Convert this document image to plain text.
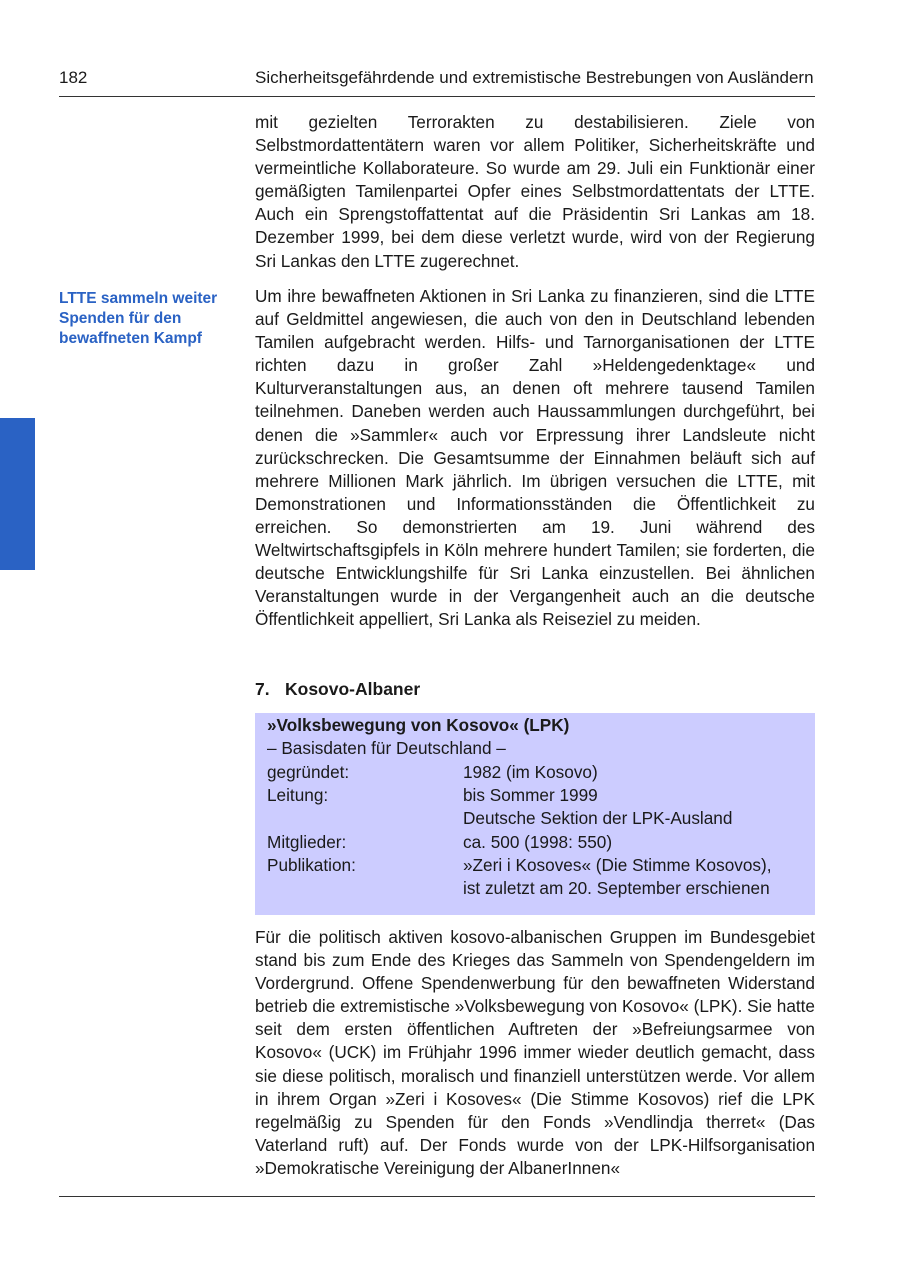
182	Sicherheitsgefährdende und extremistische Bestrebungen von Ausländern
LTTE sammeln weiter Spenden für den bewaffneten Kampf

mit gezielten Terrorakten zu destabilisieren. Ziele von Selbstmordattentätern waren vor allem Politiker, Sicherheitskräfte und vermeintliche Kollaborateure. So wurde am 29. Juli ein Funktionär einer gemäßigten Tamilenpartei Opfer eines Selbstmordattentats der LTTE. Auch ein Sprengstoffattentat auf die Präsidentin Sri Lankas am 18. Dezember 1999, bei dem diese verletzt wurde, wird von der Regierung Sri Lankas den LTTE zugerechnet.

Um ihre bewaffneten Aktionen in Sri Lanka zu finanzieren, sind die LTTE auf Geldmittel angewiesen, die auch von den in Deutschland lebenden Tamilen aufgebracht werden. Hilfs- und Tarnorganisationen der LTTE richten dazu in großer Zahl »Heldengedenktage« und Kulturveranstaltungen aus, an denen oft mehrere tausend Tamilen teilnehmen. Daneben werden auch Haussammlungen durchgeführt, bei denen die »Sammler« auch vor Erpressung ihrer Landsleute nicht zurückschrecken. Die Gesamtsumme der Einnahmen beläuft sich auf mehrere Millionen Mark jährlich. Im übrigen versuchen die LTTE, mit Demonstrationen und Informationsständen die Öffentlichkeit zu erreichen. So demonstrierten am 19. Juni während des Weltwirtschaftsgipfels in Köln mehrere hundert Tamilen; sie forderten, die deutsche Entwicklungshilfe für Sri Lanka einzustellen. Bei ähnlichen Veranstaltungen wurde in der Vergangenheit auch an die deutsche Öffentlichkeit appelliert, Sri Lanka als Reiseziel zu meiden.

7. Kosovo-Albaner
»Volksbewegung von Kosovo« (LPK)
– Basisdaten für Deutschland –
gegründet:	1982 (im Kosovo)
Leitung:	bis Sommer 1999
Deutsche Sektion der LPK-Ausland
Mitglieder:	ca. 500 (1998: 550)
Publikation:	»Zeri i Kosoves« (Die Stimme Kosovos),
ist zuletzt am 20. September erschienen

Für die politisch aktiven kosovo-albanischen Gruppen im Bundesgebiet stand bis zum Ende des Krieges das Sammeln von Spendengeldern im Vordergrund. Offene Spendenwerbung für den bewaffneten Widerstand betrieb die extremistische »Volksbewegung von Kosovo« (LPK). Sie hatte seit dem ersten öffentlichen Auftreten der »Befreiungsarmee von Kosovo« (UCK) im Frühjahr 1996 immer wieder deutlich gemacht, dass sie diese politisch, moralisch und finanziell unterstützen werde. Vor allem in ihrem Organ »Zeri i Kosoves« (Die Stimme Kosovos) rief die LPK regelmäßig zu Spenden für den Fonds »Vendlindja therret« (Das Vaterland ruft) auf. Der Fonds wurde von der LPK-Hilfsorganisation »Demokratische Vereinigung der AlbanerInnen«
